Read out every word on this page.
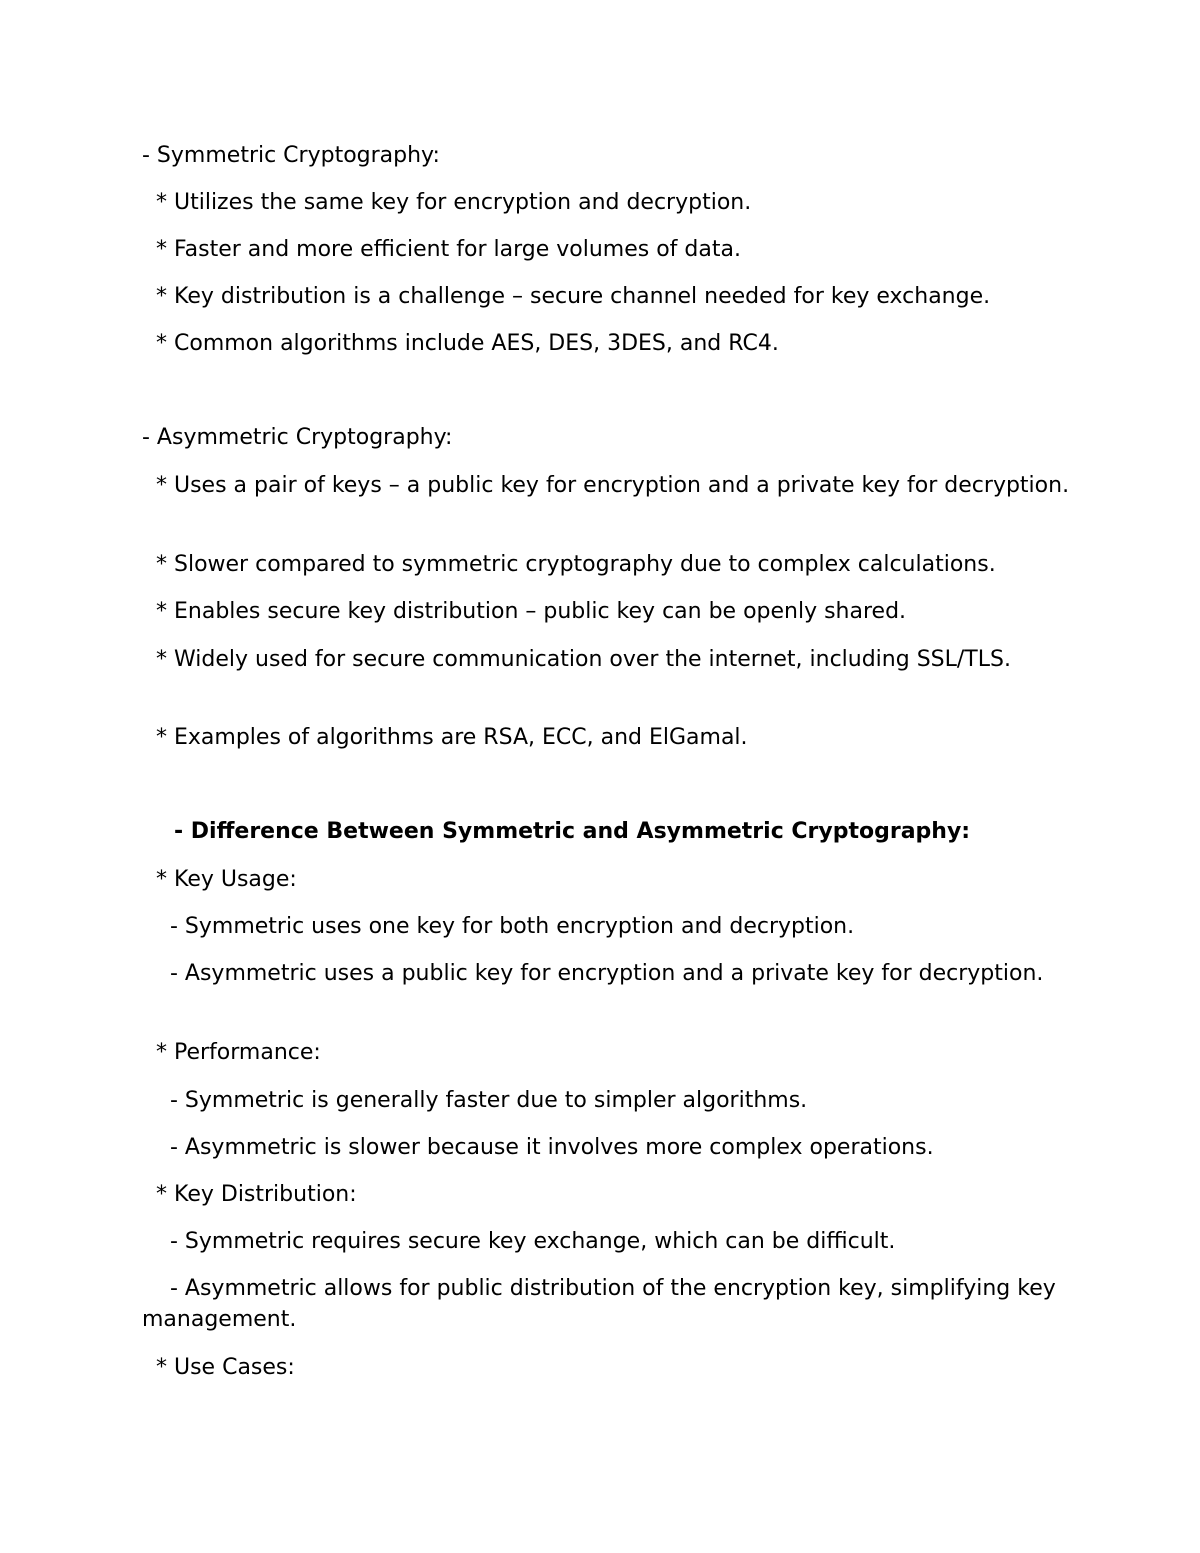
- Symmetric Cryptography:

* Utilizes the same key for encryption and decryption.

* Faster and more efficient for large volumes of data.

* Key distribution is a challenge – secure channel needed for key exchange.

* Common algorithms include AES, DES, 3DES, and RC4.

- Asymmetric Cryptography:

* Uses a pair of keys – a public key for encryption and a private key for decryption.

* Slower compared to symmetric cryptography due to complex calculations.

* Enables secure key distribution – public key can be openly shared.

* Widely used for secure communication over the internet, including SSL/TLS.

* Examples of algorithms are RSA, ECC, and ElGamal.

- Difference Between Symmetric and Asymmetric Cryptography:

* Key Usage:

- Symmetric uses one key for both encryption and decryption.

- Asymmetric uses a public key for encryption and a private key for decryption.

* Performance:

- Symmetric is generally faster due to simpler algorithms.

- Asymmetric is slower because it involves more complex operations.

* Key Distribution:

- Symmetric requires secure key exchange, which can be difficult.

- Asymmetric allows for public distribution of the encryption key, simplifying key management.

* Use Cases:
